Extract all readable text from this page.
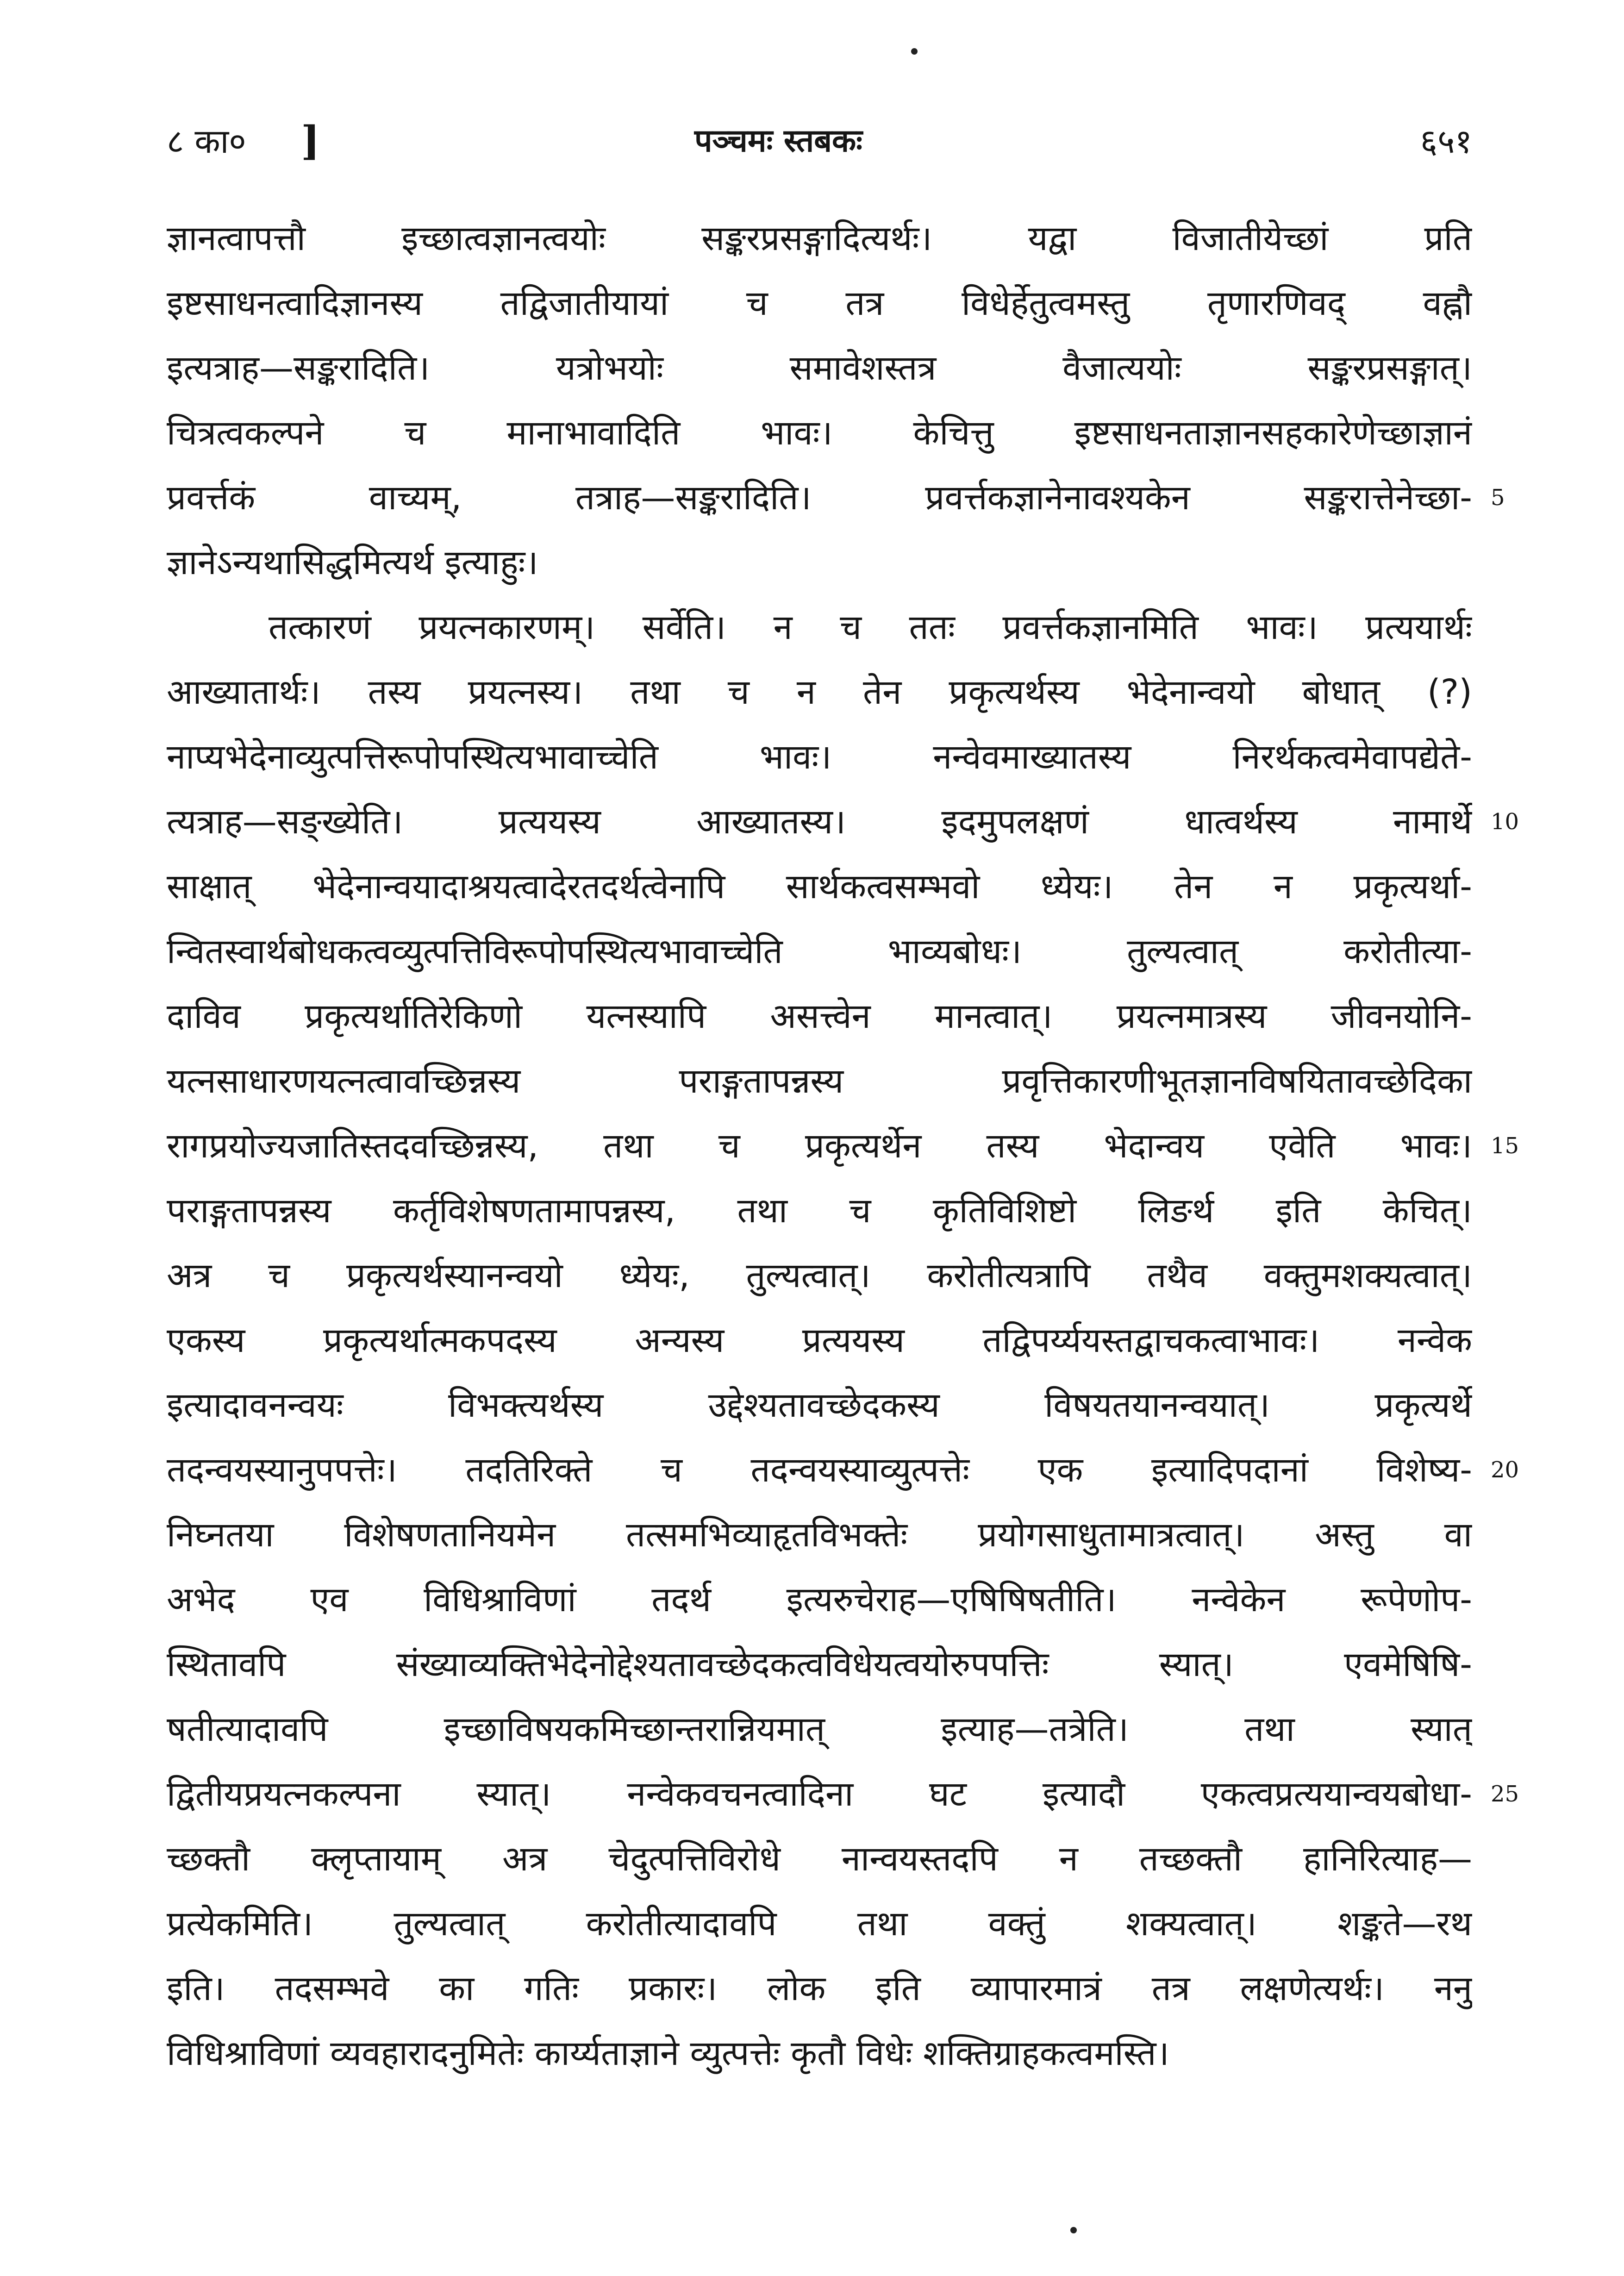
८ का० ]	पञ्चमः स्तबकः	६५१
ज्ञानत्वापत्तौ इच्छात्वज्ञानत्वयोः सङ्करप्रसङ्गादित्यर्थः। यद्वा विजातीयेच्छां प्रति
इष्टसाधनत्वादिज्ञानस्य तद्विजातीयायां च तत्र विधेर्हेतुत्वमस्तु तृणारणिवद् वह्नौ
इत्यत्राह—सङ्करादिति। यत्रोभयोः समावेशस्तत्र वैजात्ययोः सङ्करप्रसङ्गात्।
चित्रत्वकल्पने च मानाभावादिति भावः। केचित्तु इष्टसाधनताज्ञानसहकारेणेच्छाज्ञानं
प्रवर्त्तकं वाच्यम्, तत्राह—सङ्करादिति। प्रवर्त्तकज्ञानेनावश्यकेन सङ्करात्तेनेच्छा-
ज्ञानेऽन्यथासिद्धमित्यर्थ इत्याहुः।
तत्कारणं प्रयत्नकारणम्। सर्वेति। न च ततः प्रवर्त्तकज्ञानमिति भावः। प्रत्ययार्थः
आख्यातार्थः। तस्य प्रयत्नस्य। तथा च न तेन प्रकृत्यर्थस्य भेदेनान्वयो बोधात् (?)
नाप्यभेदेनाव्युत्पत्तिरूपोपस्थित्यभावाच्चेति भावः। नन्वेवमाख्यातस्य निरर्थकत्वमेवापद्येते-
त्यत्राह—सङ्ख्येति। प्रत्ययस्य आख्यातस्य। इदमुपलक्षणं धात्वर्थस्य नामार्थे
साक्षात् भेदेनान्वयादाश्रयत्वादेरतदर्थत्वेनापि सार्थकत्वसम्भवो ध्येयः। तेन न प्रकृत्यर्था-
न्वितस्वार्थबोधकत्वव्युत्पत्तिविरूपोपस्थित्यभावाच्चेति भाव्यबोधः। तुल्यत्वात् करोतीत्या-
दाविव प्रकृत्यर्थातिरेकिणो यत्नस्यापि असत्त्वेन मानत्वात्। प्रयत्नमात्रस्य जीवनयोनि-
यत्नसाधारणयत्नत्वावच्छिन्नस्य पराङ्गतापन्नस्य प्रवृत्तिकारणीभूतज्ञानविषयितावच्छेदिका
रागप्रयोज्यजातिस्तदवच्छिन्नस्य, तथा च प्रकृत्यर्थेन तस्य भेदान्वय एवेति भावः।
पराङ्गतापन्नस्य कर्तृविशेषणतामापन्नस्य, तथा च कृतिविशिष्टो लिङर्थ इति केचित्।
अत्र च प्रकृत्यर्थस्यानन्वयो ध्येयः, तुल्यत्वात्। करोतीत्यत्रापि तथैव वक्तुमशक्यत्वात्।
एकस्य प्रकृत्यर्थात्मकपदस्य अन्यस्य प्रत्ययस्य तद्विपर्य्ययस्तद्वाचकत्वाभावः। नन्वेक
इत्यादावनन्वयः विभक्त्यर्थस्य उद्देश्यतावच्छेदकस्य विषयतयानन्वयात्। प्रकृत्यर्थे
तदन्वयस्यानुपपत्तेः। तदतिरिक्ते च तदन्वयस्याव्युत्पत्तेः एक इत्यादिपदानां विशेष्य-
निघ्नतया विशेषणतानियमेन तत्समभिव्याहृतविभक्तेः प्रयोगसाधुतामात्रत्वात्। अस्तु वा
अभेद एव विधिश्राविणां तदर्थ इत्यरुचेराह—एषिषिषतीति। नन्वेकेन रूपेणोप-
स्थितावपि संख्याव्यक्तिभेदेनोद्देश्यतावच्छेदकत्वविधेयत्वयोरुपपत्तिः स्यात्। एवमेषिषि-
षतीत्यादावपि इच्छाविषयकमिच्छान्तरान्नियमात् इत्याह—तत्रेति। तथा स्यात्
द्वितीयप्रयत्नकल्पना स्यात्। नन्वेकवचनत्वादिना घट इत्यादौ एकत्वप्रत्ययान्वयबोधा-
च्छक्तौ क्लृप्तायाम् अत्र चेदुत्पत्तिविरोधे नान्वयस्तदपि न तच्छक्तौ हानिरित्याह—
प्रत्येकमिति। तुल्यत्वात् करोतीत्यादावपि तथा वक्तुं शक्यत्वात्। शङ्कते—रथ
इति। तदसम्भवे का गतिः प्रकारः। लोक इति व्यापारमात्रं तत्र लक्षणेत्यर्थः। ननु
विधिश्राविणां व्यवहारादनुमितेः कार्य्यताज्ञाने व्युत्पत्तेः कृतौ विधेः शक्तिग्राहकत्वमस्ति।
5
10
15
20
25
